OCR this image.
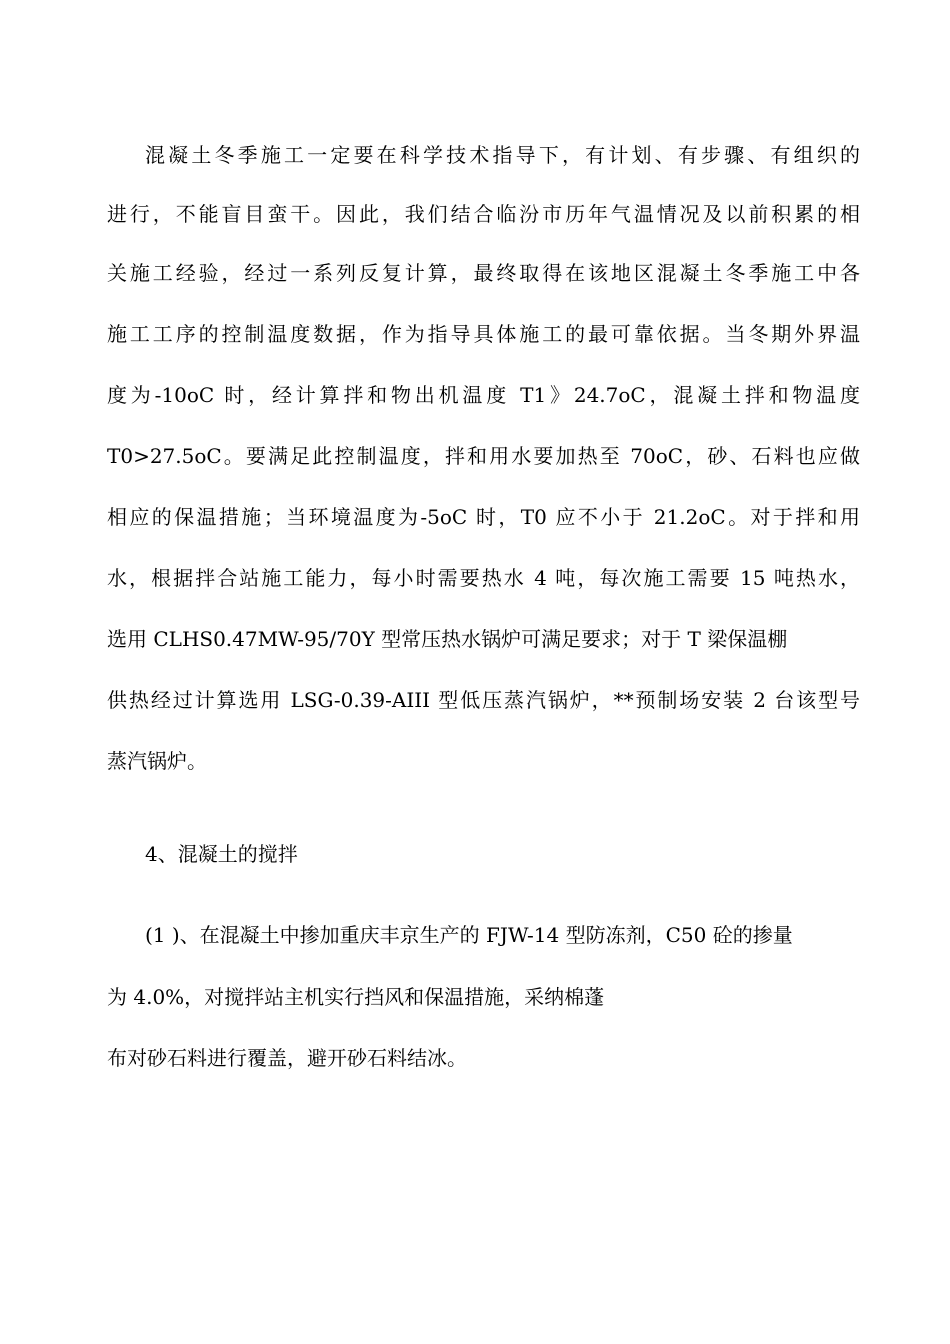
混凝土冬季施工一定要在科学技术指导下，有计划、有步骤、有组织的

进行，不能盲目蛮干。因此，我们结合临汾市历年气温情况及以前积累的相

关施工经验，经过一系列反复计算，最终取得在该地区混凝土冬季施工中各

施工工序的控制温度数据，作为指导具体施工的最可靠依据。当冬期外界温

度为-10oC 时，经计算拌和物出机温度 T1》24.7oC，混凝土拌和物温度

T0>27.5oC。要满足此控制温度，拌和用水要加热至 70oC，砂、石料也应做

相应的保温措施；当环境温度为-5oC 时，T0 应不小于 21.2oC。对于拌和用

水，根据拌合站施工能力，每小时需要热水 4 吨，每次施工需要 15 吨热水，

选用 CLHS0.47MW-95/70Y 型常压热水锅炉可满足要求；对于 T 梁保温棚

供热经过计算选用 LSG-0.39-AIII 型低压蒸汽锅炉，**预制场安装 2 台该型号

蒸汽锅炉。

4、混凝土的搅拌

(1 )、在混凝土中掺加重庆丰京生产的 FJW-14 型防冻剂，C50 砼的掺量

为 4.0%，对搅拌站主机实行挡风和保温措施，采纳棉蓬

布对砂石料进行覆盖，避开砂石料结冰。
